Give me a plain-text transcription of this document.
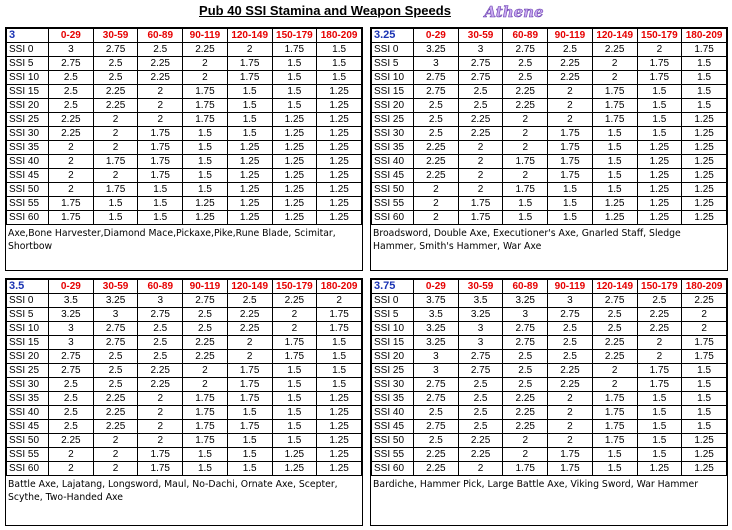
Pub 40 SSI Stamina and Weapon Speeds	Athene
3	0-29	30-59	60-89	90-119	120-149	150-179	180-209
SSI 0	3	2.75	2.5	2.25	2	1.75	1.5
SSI 5	2.75	2.5	2.25	2	1.75	1.5	1.5
SSI 10	2.5	2.5	2.25	2	1.75	1.5	1.5
SSI 15	2.5	2.25	2	1.75	1.5	1.5	1.25
SSI 20	2.5	2.25	2	1.75	1.5	1.5	1.25
SSI 25	2.25	2	2	1.75	1.5	1.25	1.25
SSI 30	2.25	2	1.75	1.5	1.5	1.25	1.25
SSI 35	2	2	1.75	1.5	1.25	1.25	1.25
SSI 40	2	1.75	1.75	1.5	1.25	1.25	1.25
SSI 45	2	2	1.75	1.5	1.25	1.25	1.25
SSI 50	2	1.75	1.5	1.5	1.25	1.25	1.25
SSI 55	1.75	1.5	1.5	1.25	1.25	1.25	1.25
SSI 60	1.75	1.5	1.5	1.25	1.25	1.25	1.25
Axe,Bone Harvester,Diamond Mace,Pickaxe,Pike,Rune Blade, Scimitar, Shortbow
3.25	0-29	30-59	60-89	90-119	120-149	150-179	180-209
SSI 0	3.25	3	2.75	2.5	2.25	2	1.75
SSI 5	3	2.75	2.5	2.25	2	1.75	1.5
SSI 10	2.75	2.75	2.5	2.25	2	1.75	1.5
SSI 15	2.75	2.5	2.25	2	1.75	1.5	1.5
SSI 20	2.5	2.5	2.25	2	1.75	1.5	1.5
SSI 25	2.5	2.25	2	2	1.75	1.5	1.25
SSI 30	2.5	2.25	2	1.75	1.5	1.5	1.25
SSI 35	2.25	2	2	1.75	1.5	1.25	1.25
SSI 40	2.25	2	1.75	1.75	1.5	1.25	1.25
SSI 45	2.25	2	2	1.75	1.5	1.25	1.25
SSI 50	2	2	1.75	1.5	1.5	1.25	1.25
SSI 55	2	1.75	1.5	1.5	1.25	1.25	1.25
SSI 60	2	1.75	1.5	1.5	1.25	1.25	1.25
Broadsword, Double Axe, Executioner's Axe, Gnarled Staff, Sledge Hammer, Smith's Hammer, War Axe
3.5	0-29	30-59	60-89	90-119	120-149	150-179	180-209
SSI 0	3.5	3.25	3	2.75	2.5	2.25	2
SSI 5	3.25	3	2.75	2.5	2.25	2	1.75
SSI 10	3	2.75	2.5	2.5	2.25	2	1.75
SSI 15	3	2.75	2.5	2.25	2	1.75	1.5
SSI 20	2.75	2.5	2.5	2.25	2	1.75	1.5
SSI 25	2.75	2.5	2.25	2	1.75	1.5	1.5
SSI 30	2.5	2.5	2.25	2	1.75	1.5	1.5
SSI 35	2.5	2.25	2	1.75	1.75	1.5	1.25
SSI 40	2.5	2.25	2	1.75	1.5	1.5	1.25
SSI 45	2.5	2.25	2	1.75	1.75	1.5	1.25
SSI 50	2.25	2	2	1.75	1.5	1.5	1.25
SSI 55	2	2	1.75	1.5	1.5	1.25	1.25
SSI 60	2	2	1.75	1.5	1.5	1.25	1.25
Battle Axe, Lajatang, Longsword, Maul, No-Dachi, Ornate Axe, Scepter, Scythe, Two-Handed Axe
3.75	0-29	30-59	60-89	90-119	120-149	150-179	180-209
SSI 0	3.75	3.5	3.25	3	2.75	2.5	2.25
SSI 5	3.5	3.25	3	2.75	2.5	2.25	2
SSI 10	3.25	3	2.75	2.5	2.5	2.25	2
SSI 15	3.25	3	2.75	2.5	2.25	2	1.75
SSI 20	3	2.75	2.5	2.5	2.25	2	1.75
SSI 25	3	2.75	2.5	2.25	2	1.75	1.5
SSI 30	2.75	2.5	2.5	2.25	2	1.75	1.5
SSI 35	2.75	2.5	2.25	2	1.75	1.5	1.5
SSI 40	2.5	2.5	2.25	2	1.75	1.5	1.5
SSI 45	2.75	2.5	2.25	2	1.75	1.5	1.5
SSI 50	2.5	2.25	2	2	1.75	1.5	1.25
SSI 55	2.25	2.25	2	1.75	1.5	1.5	1.25
SSI 60	2.25	2	1.75	1.75	1.5	1.25	1.25
Bardiche, Hammer Pick, Large Battle Axe, Viking Sword, War Hammer
